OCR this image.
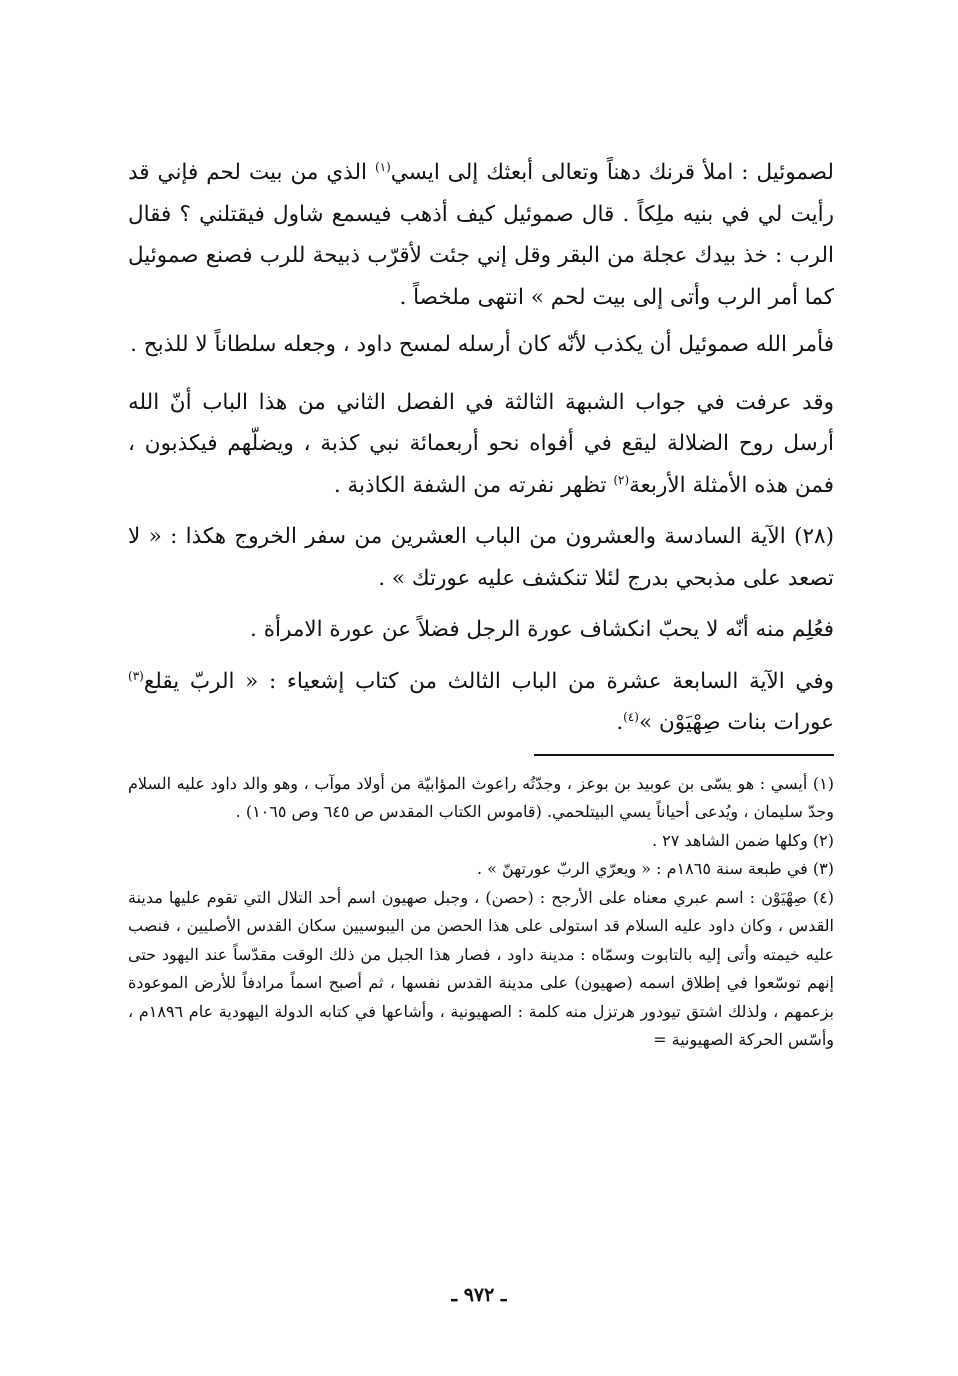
لصموئيل : املأ قرنك دهناً وتعالى أبعثك إلى ايسي$^{(١)}$ الذي من بيت لحم فإني قد رأيت لي في بنيه ملِكاً . قال صموئيل كيف أذهب فيسمع شاول فيقتلني ؟ فقال الرب : خذ بيدك عجلة من البقر وقل إني جئت لأقرّب ذبيحة للرب فصنع صموئيل كما أمر الرب وأتى إلى بيت لحم » انتهى ملخصاً .

فأمر الله صموئيل أن يكذب لأنّه كان أرسله لمسح داود ، وجعله سلطاناً لا للذبح .

وقد عرفت في جواب الشبهة الثالثة في الفصل الثاني من هذا الباب أنّ الله أرسل روح الضلالة ليقع في أفواه نحو أربعمائة نبي كذبة ، ويضلّهم فيكذبون ، فمن هذه الأمثلة الأربعة$^{(٢)}$ تظهر نفرته من الشفة الكاذبة .

(٢٨) الآية السادسة والعشرون من الباب العشرين من سفر الخروج هكذا : « لا تصعد على مذبحي بدرج لئلا تنكشف عليه عورتك » .

فعُلِم منه أنّه لا يحبّ انكشاف عورة الرجل فضلاً عن عورة الامرأة .

وفي الآية السابعة عشرة من الباب الثالث من كتاب إشعياء : « الربّ يقلع$^{(٣)}$ عورات بنات صِهْيَوْن »$^{(٤)}$.

(١) أيسي : هو يسّى بن عوبيد بن بوعز ، وجدّتُه راعوث المؤابيّة من أولاد موآب ، وهو والد داود عليه السلام وجدّ سليمان ، ويُدعى أحياناً يسي البيتلحمي. (قاموس الكتاب المقدس ص ٦٤٥ وص ١٠٦٥) .

(٢) وكلها ضمن الشاهد ٢٧ .

(٣) في طبعة سنة ١٨٦٥م : « ويعرّي الربّ عورتهنّ » .

(٤) صِهْيَوْن : اسم عبري معناه على الأرجح : (حصن) ، وجبل صهيون اسم أحد التلال التي تقوم عليها مدينة القدس ، وكان داود عليه السلام قد استولى على هذا الحصن من اليبوسيين سكان القدس الأصليين ، فنصب عليه خيمته وأتى إليه بالتابوت وسمّاه : مدينة داود ، فصار هذا الجبل من ذلك الوقت مقدّساً عند اليهود حتى إنهم توسّعوا في إطلاق اسمه (صهيون) على مدينة القدس نفسها ، ثم أصبح اسماً مرادفاً للأرض الموعودة بزعمهم ، ولذلك اشتق تيودور هرتزل منه كلمة : الصهيونية ، وأشاعها في كتابه الدولة اليهودية عام ١٨٩٦م ، وأسّس الحركة الصهيونية =

ـ ٩٧٢ ـ
